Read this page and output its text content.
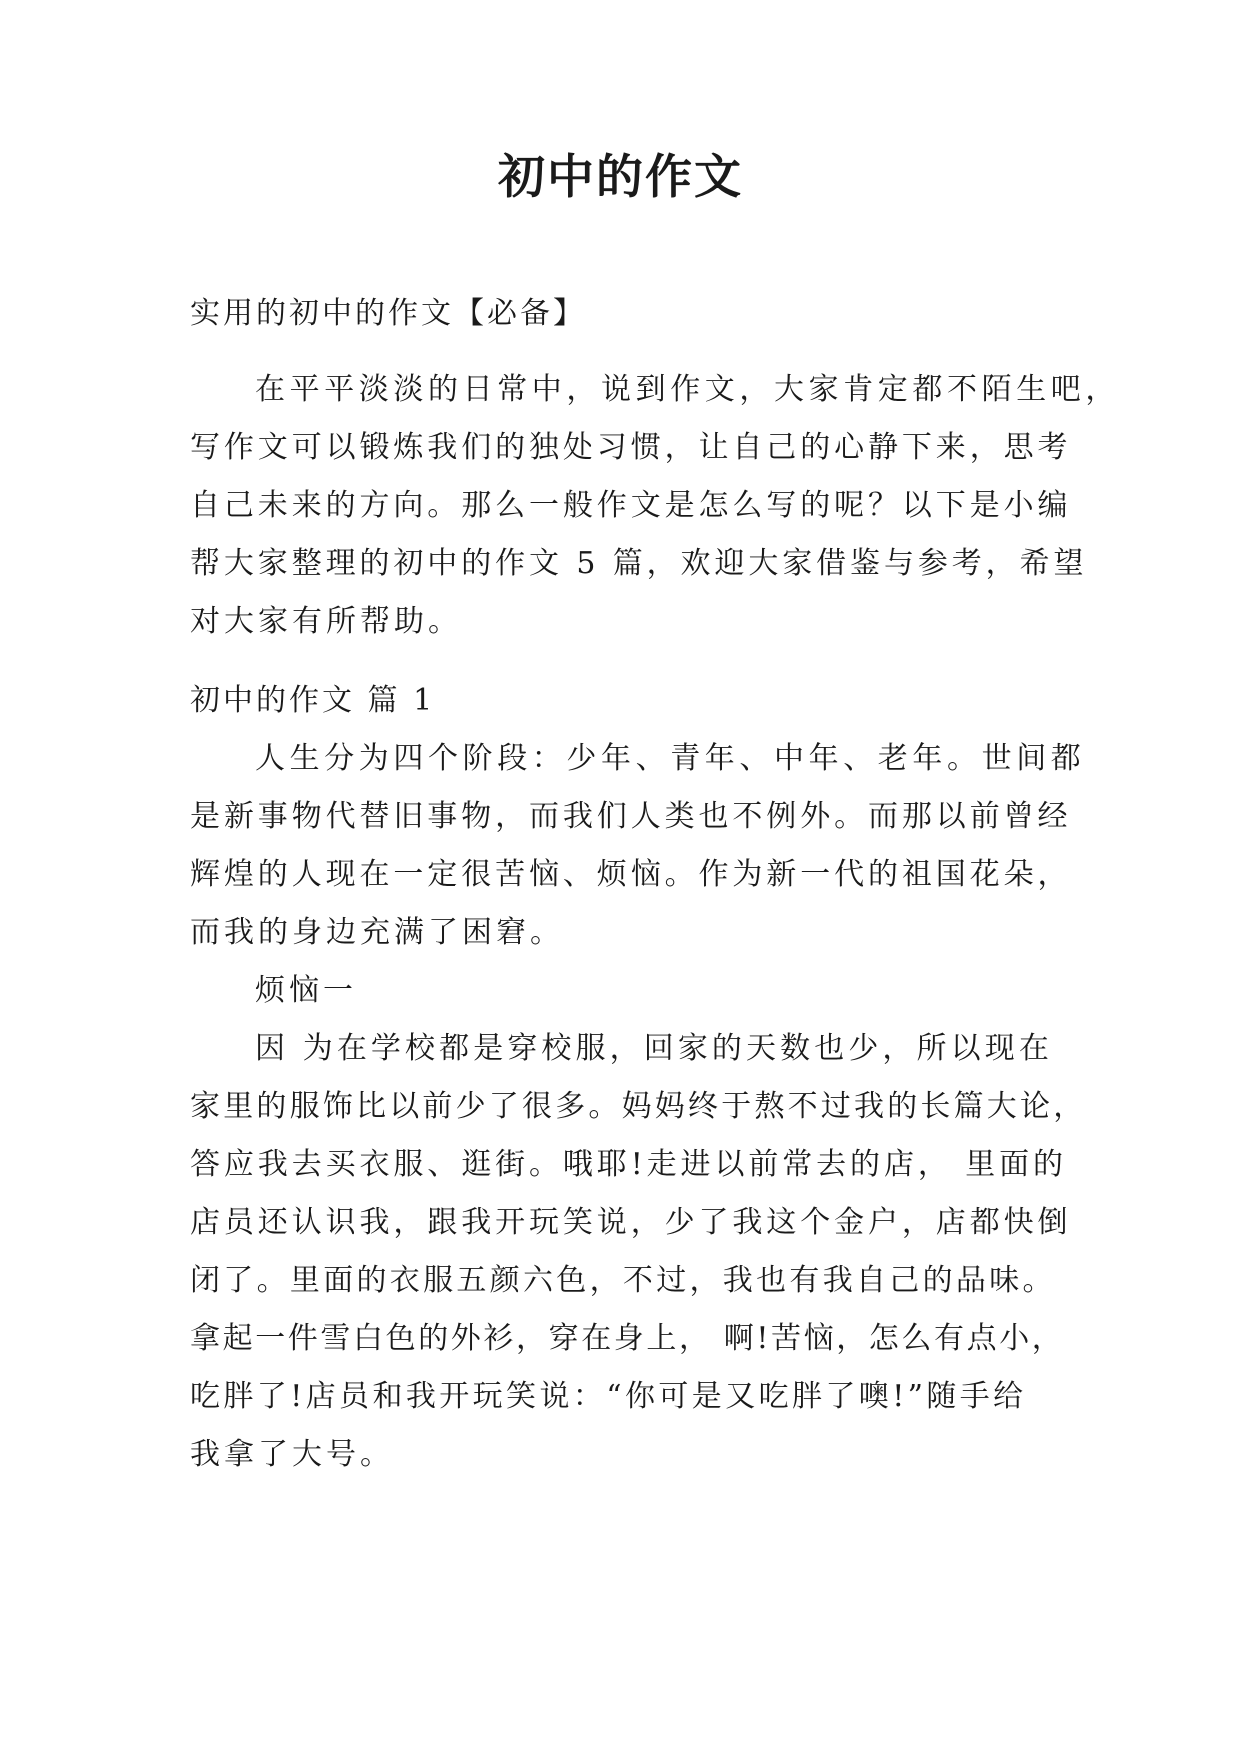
初中的作文

实用的初中的作文【必备】

在平平淡淡的日常中，说到作文，大家肯定都不陌生吧，

写作文可以锻炼我们的独处习惯，让自己的心静下来，思考

自己未来的方向。那么一般作文是怎么写的呢？以下是小编

帮大家整理的初中的作文 5 篇，欢迎大家借鉴与参考，希望

对大家有所帮助。

初中的作文 篇 1

人生分为四个阶段：少年、青年、中年、老年。世间都

是新事物代替旧事物，而我们人类也不例外。而那以前曾经

辉煌的人现在一定很苦恼、烦恼。作为新一代的祖国花朵，

而我的身边充满了困窘。

烦恼一

因 为在学校都是穿校服，回家的天数也少，所以现在

家里的服饰比以前少了很多。妈妈终于熬不过我的长篇大论，

答应我去买衣服、逛街。哦耶!走进以前常去的店， 里面的

店员还认识我，跟我开玩笑说，少了我这个金户，店都快倒

闭了。里面的衣服五颜六色，不过，我也有我自己的品味。

拿起一件雪白色的外衫，穿在身上， 啊!苦恼，怎么有点小，

吃胖了!店员和我开玩笑说：“你可是又吃胖了噢!”随手给

我拿了大号。
